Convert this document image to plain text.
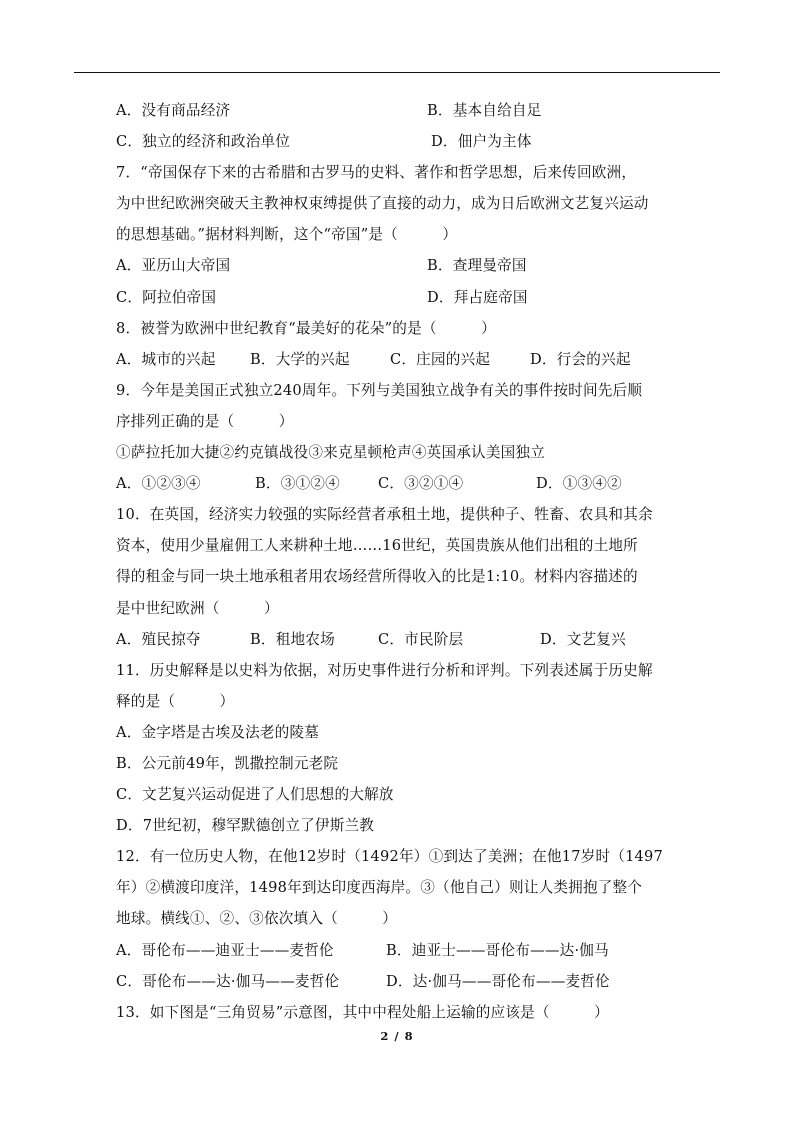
A．没有商品经济	B．基本自给自足
C．独立的经济和政治单位	D．佃户为主体
7．“帝国保存下来的古希腊和古罗马的史料、著作和哲学思想，后来传回欧洲，
为中世纪欧洲突破天主教神权束缚提供了直接的动力，成为日后欧洲文艺复兴运动
的思想基础。”据材料判断，这个“帝国”是（　　　）
A．亚历山大帝国	B．查理曼帝国
C．阿拉伯帝国	D．拜占庭帝国
8．被誉为欧洲中世纪教育“最美好的花朵”的是（　　　）
A．城市的兴起 B．大学的兴起	C．庄园的兴起	D．行会的兴起
9．今年是美国正式独立240周年。下列与美国独立战争有关的事件按时间先后顺
序排列正确的是（　　　）
①萨拉托加大捷②约克镇战役③来克星顿枪声④英国承认美国独立
A．①②③④	B．③①②④	C．③②①④	D．①③④②
10．在英国，经济实力较强的实际经营者承租土地，提供种子、牲畜、农具和其余
资本，使用少量雇佣工人来耕种土地……16世纪，英国贵族从他们出租的土地所
得的租金与同一块土地承租者用农场经营所得收入的比是1:10。材料内容描述的
是中世纪欧洲（　　　）
A．殖民掠夺	B．租地农场	C．市民阶层	D．文艺复兴
11．历史解释是以史料为依据，对历史事件进行分析和评判。下列表述属于历史解
释的是（　　　）
A．金字塔是古埃及法老的陵墓
B．公元前49年，凯撒控制元老院
C．文艺复兴运动促进了人们思想的大解放
D．7世纪初，穆罕默德创立了伊斯兰教
12．有一位历史人物，在他12岁时（1492年）①到达了美洲；在他17岁时（1497
年）②横渡印度洋，1498年到达印度西海岸。③（他自己）则让人类拥抱了整个
地球。横线①、②、③依次填入（　　　）
A．哥伦布——迪亚士——麦哲伦	B．迪亚士——哥伦布——达·伽马
C．哥伦布——达·伽马——麦哲伦	D．达·伽马——哥伦布——麦哲伦
13．如下图是“三角贸易”示意图，其中中程处船上运输的应该是（　　　）
2 / 8
